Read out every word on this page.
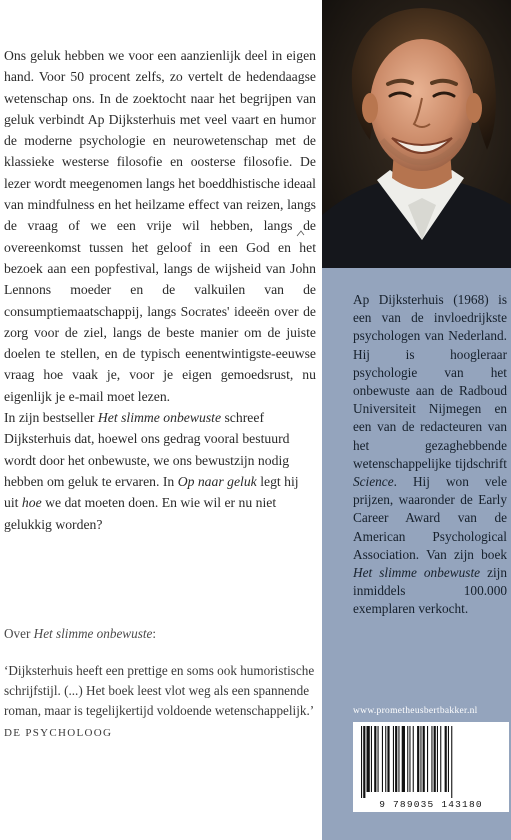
Ons geluk hebben we voor een aanzienlijk deel in eigen hand. Voor 50 procent zelfs, zo vertelt de hedendaagse wetenschap ons. In de zoektocht naar het begrijpen van geluk verbindt Ap Dijksterhuis met veel vaart en humor de moderne psychologie en neurowetenschap met de klassieke westerse filosofie en oosterse filosofie. De lezer wordt meegenomen langs het boeddhistische ideaal van mindfulness en het heilzame effect van reizen, langs de vraag of we een vrije wil hebben, langs de overeenkomst tussen het geloof in een God en het bezoek aan een popfestival, langs de wijsheid van John Lennons moeder en de valkuilen van de consumptiemaatschappij, langs Socrates' ideeën over de zorg voor de ziel, langs de beste manier om de juiste doelen te stellen, en de typisch eenentwintigste-eeuwse vraag hoe vaak je, voor je eigen gemoedsrust, nu eigenlijk je e-mail moet lezen.

In zijn bestseller Het slimme onbewuste schreef Dijksterhuis dat, hoewel ons gedrag vooral bestuurd wordt door het onbewuste, we ons bewustzijn nodig hebben om geluk te ervaren. In Op naar geluk legt hij uit hoe we dat moeten doen. En wie wil er nu niet gelukkig worden?

Over Het slimme onbewuste:

‘Dijksterhuis heeft een prettige en soms ook humoristische schrijfstijl. (...) Het boek leest vlot weg als een spannende roman, maar is tegelijkertijd voldoende wetenschappelijk.’

DE PSYCHOLOOG

Ap Dijksterhuis (1968) is een van de invloedrijkste psychologen van Nederland. Hij is hoogleraar psychologie van het onbewuste aan de Radboud Universiteit Nijmegen en een van de redacteuren van het gezaghebbende wetenschappelijke tijdschrift Science. Hij won vele prijzen, waaronder de Early Career Award van de American Psychological Association. Van zijn boek Het slimme onbewuste zijn inmiddels 100.000 exemplaren verkocht.

www.prometheusbertbakker.nl
9 789035 143180
